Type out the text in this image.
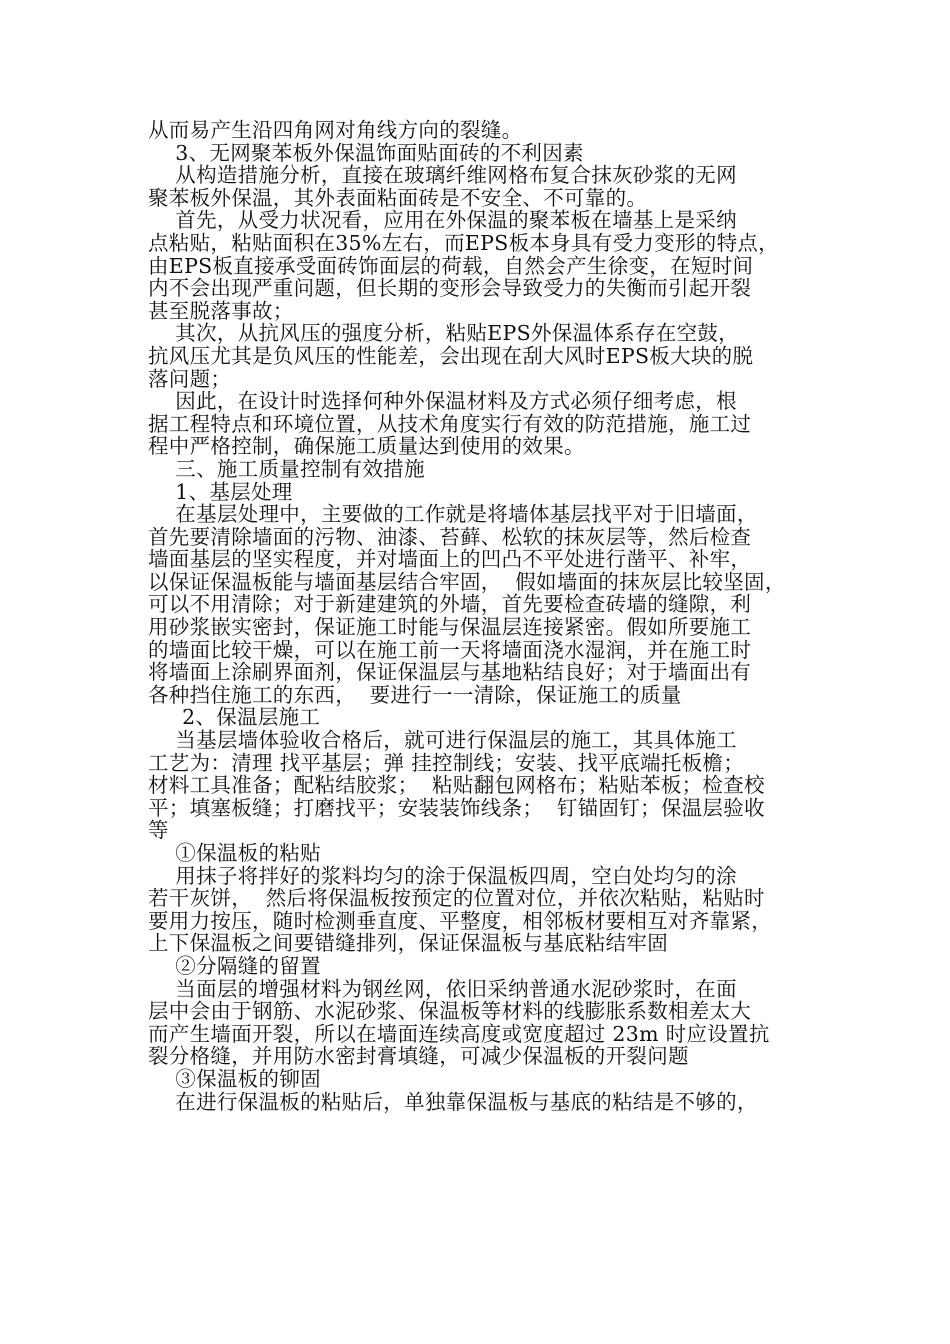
从而易产生沿四角网对角线方向的裂缝。
3、无网聚苯板外保温饰面贴面砖的不利因素
从构造措施分析，直接在玻璃纤维网格布复合抹灰砂浆的无网
聚苯板外保温，其外表面粘面砖是不安全、不可靠的。
首先，从受力状况看，应用在外保温的聚苯板在墙基上是采纳
点粘贴，粘贴面积在35%左右，而EPS板本身具有受力变形的特点，
由EPS板直接承受面砖饰面层的荷载，自然会产生徐变，在短时间
内不会出现严重问题，但长期的变形会导致受力的失衡而引起开裂
甚至脱落事故；
其次，从抗风压的强度分析，粘贴EPS外保温体系存在空鼓，
抗风压尤其是负风压的性能差，会出现在刮大风时EPS板大块的脱
落问题；
因此，在设计时选择何种外保温材料及方式必须仔细考虑，根
据工程特点和环境位置，从技术角度实行有效的防范措施，施工过
程中严格控制，确保施工质量达到使用的效果。
三、施工质量控制有效措施
1、基层处理
在基层处理中，主要做的工作就是将墙体基层找平对于旧墙面，
首先要清除墙面的污物、油漆、苔藓、松软的抹灰层等，然后检查
墙面基层的坚实程度，并对墙面上的凹凸不平处进行凿平、补牢，
以保证保温板能与墙面基层结合牢固，  假如墙面的抹灰层比较坚固，
可以不用清除；对于新建建筑的外墙，首先要检查砖墙的缝隙，利
用砂浆嵌实密封，保证施工时能与保温层连接紧密。假如所要施工
的墙面比较干燥，可以在施工前一天将墙面浇水湿润，并在施工时
将墙面上涂刷界面剂，保证保温层与基地粘结良好；对于墙面出有
各种挡住施工的东西，  要进行一一清除，保证施工的质量
2、保温层施工
当基层墙体验收合格后，就可进行保温层的施工，其具体施工
工艺为：清理 找平基层；弹 挂控制线；安装、找平底端托板檐；
材料工具准备；配粘结胶浆；  粘贴翻包网格布；粘贴苯板；检查校
平；填塞板缝；打磨找平；安装装饰线条；  钉锚固钉；保温层验收
等
①保温板的粘贴
用抹子将拌好的浆料均匀的涂于保温板四周，空白处均匀的涂
若干灰饼，  然后将保温板按预定的位置对位，并依次粘贴，粘贴时
要用力按压，随时检测垂直度、平整度，相邻板材要相互对齐靠紧，
上下保温板之间要错缝排列，保证保温板与基底粘结牢固
②分隔缝的留置
当面层的增强材料为钢丝网，依旧采纳普通水泥砂浆时，在面
层中会由于钢筋、水泥砂浆、保温板等材料的线膨胀系数相差太大
而产生墙面开裂，所以在墙面连续高度或宽度超过 23m 时应设置抗
裂分格缝，并用防水密封膏填缝，可减少保温板的开裂问题
③保温板的铆固
在进行保温板的粘贴后，单独靠保温板与基底的粘结是不够的，
